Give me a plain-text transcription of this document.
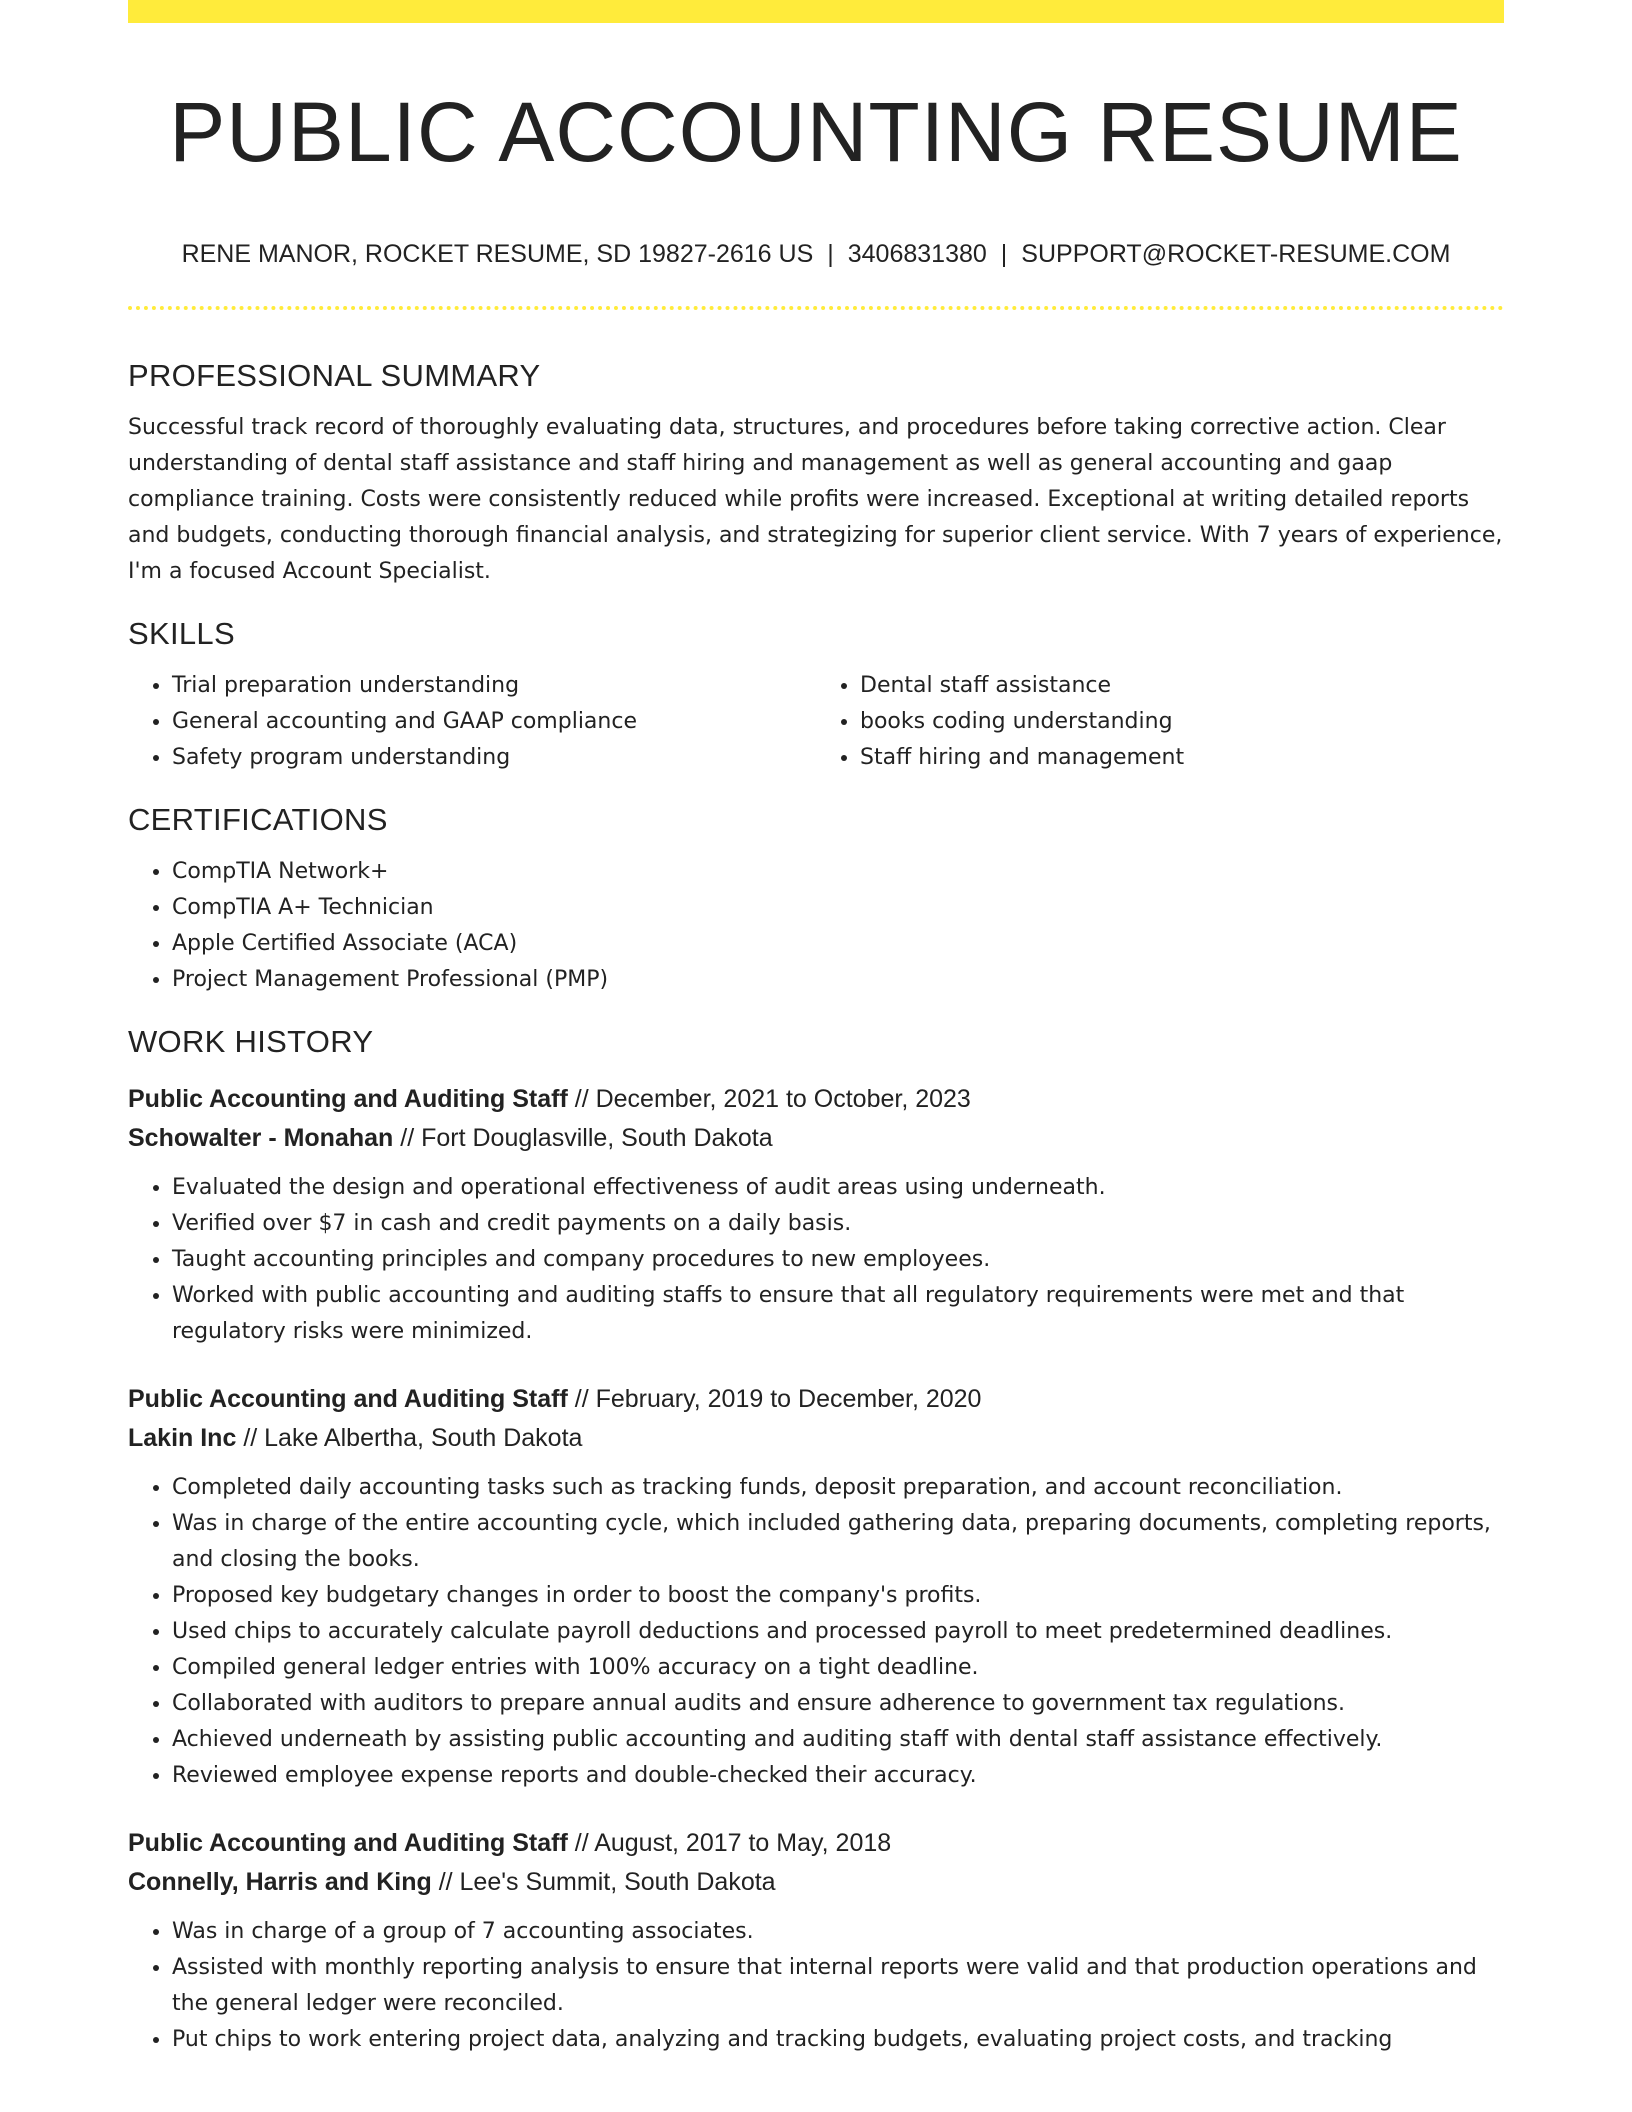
PUBLIC ACCOUNTING RESUME
RENE MANOR, ROCKET RESUME, SD 19827-2616 US | 3406831380 | SUPPORT@ROCKET-RESUME.COM
PROFESSIONAL SUMMARY

Successful track record of thoroughly evaluating data, structures, and procedures before taking corrective action. Clear understanding of dental staff assistance and staff hiring and management as well as general accounting and gaap compliance training. Costs were consistently reduced while profits were increased. Exceptional at writing detailed reports and budgets, conducting thorough financial analysis, and strategizing for superior client service. With 7 years of experience, I'm a focused Account Specialist.

SKILLS
• Trial preparation understanding
• General accounting and GAAP compliance
• Safety program understanding
• Dental staff assistance
• books coding understanding
• Staff hiring and management
CERTIFICATIONS
• CompTIA Network+
• CompTIA A+ Technician
• Apple Certified Associate (ACA)
• Project Management Professional (PMP)
WORK HISTORY
Public Accounting and Auditing Staff // December, 2021 to October, 2023
Schowalter - Monahan // Fort Douglasville, South Dakota
• Evaluated the design and operational effectiveness of audit areas using underneath.
• Verified over $7 in cash and credit payments on a daily basis.
• Taught accounting principles and company procedures to new employees.
• Worked with public accounting and auditing staffs to ensure that all regulatory requirements were met and that regulatory risks were minimized.
Public Accounting and Auditing Staff // February, 2019 to December, 2020
Lakin Inc // Lake Albertha, South Dakota
• Completed daily accounting tasks such as tracking funds, deposit preparation, and account reconciliation.
• Was in charge of the entire accounting cycle, which included gathering data, preparing documents, completing reports, and closing the books.
• Proposed key budgetary changes in order to boost the company's profits.
• Used chips to accurately calculate payroll deductions and processed payroll to meet predetermined deadlines.
• Compiled general ledger entries with 100% accuracy on a tight deadline.
• Collaborated with auditors to prepare annual audits and ensure adherence to government tax regulations.
• Achieved underneath by assisting public accounting and auditing staff with dental staff assistance effectively.
• Reviewed employee expense reports and double-checked their accuracy.
Public Accounting and Auditing Staff // August, 2017 to May, 2018
Connelly, Harris and King // Lee's Summit, South Dakota
• Was in charge of a group of 7 accounting associates.
• Assisted with monthly reporting analysis to ensure that internal reports were valid and that production operations and the general ledger were reconciled.
• Put chips to work entering project data, analyzing and tracking budgets, evaluating project costs, and tracking
